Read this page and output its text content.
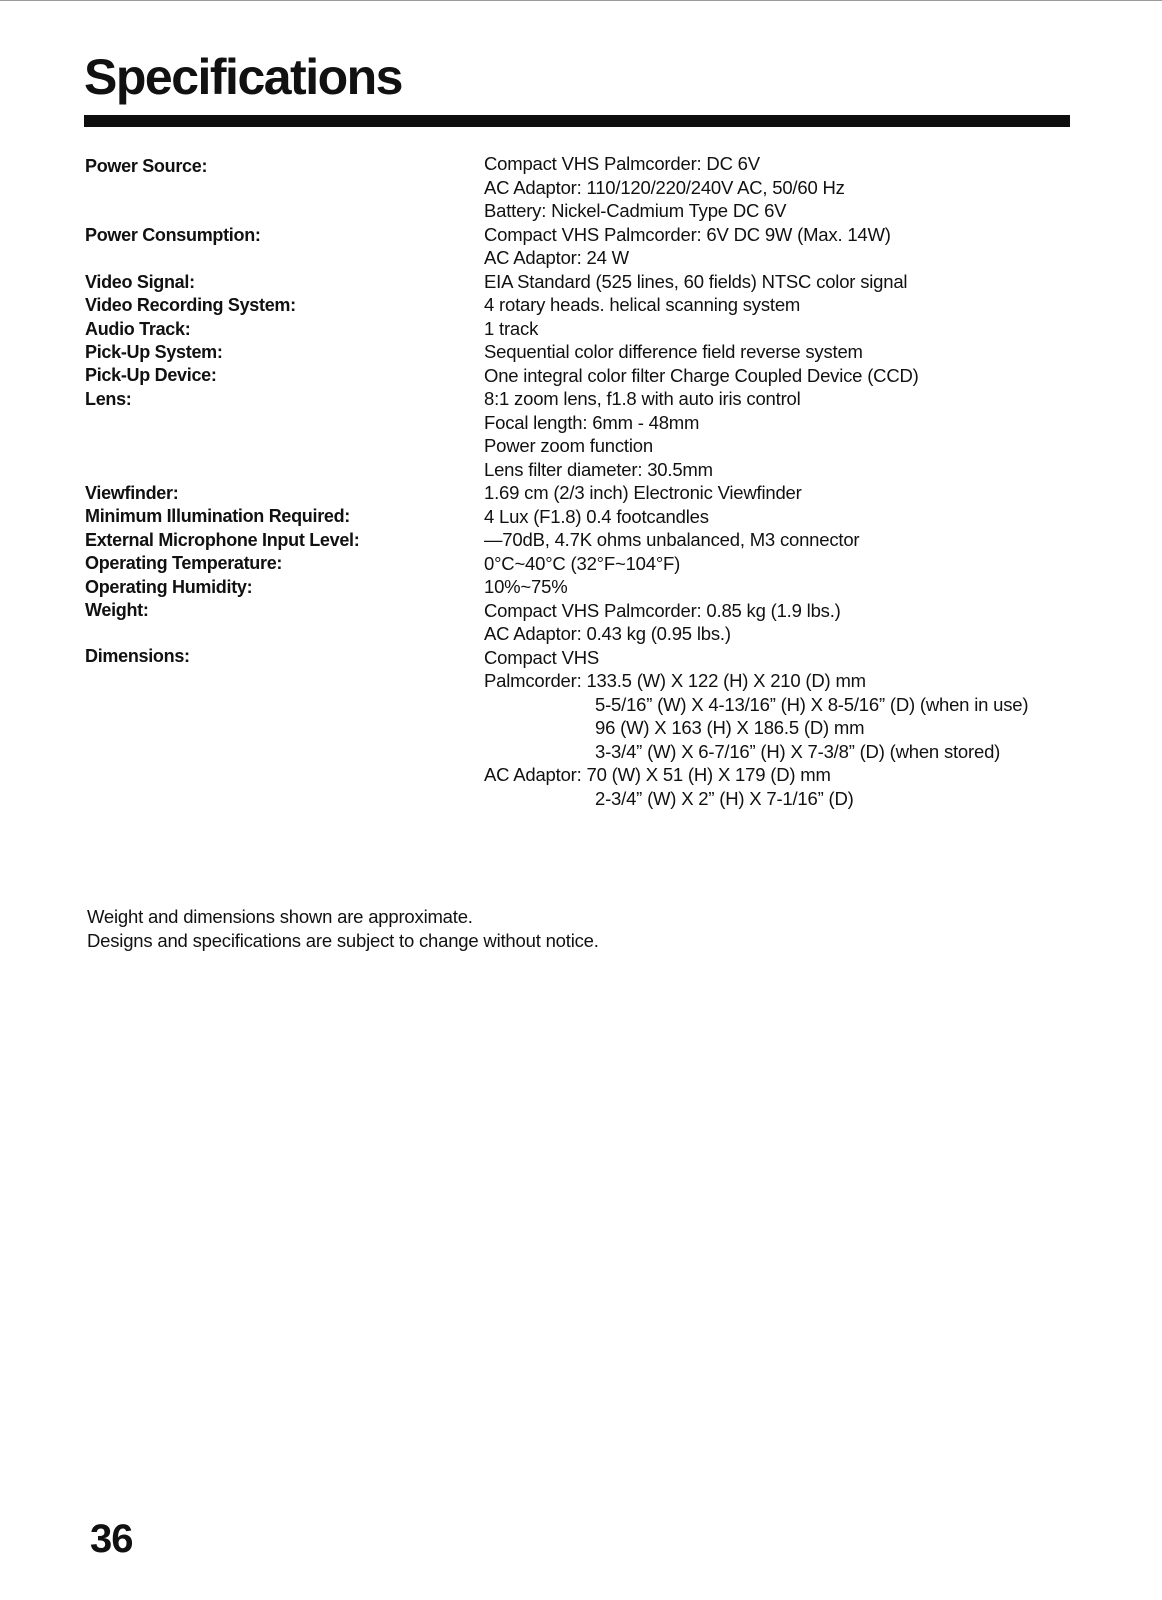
Specifications
Power Source:
Power Consumption:
Video Signal:
Video Recording System:
Audio Track:
Pick-Up System:
Pick-Up Device:
Lens:
Viewfinder:
Minimum Illumination Required:
External Microphone Input Level:
Operating Temperature:
Operating Humidity:
Weight:
Dimensions:
Compact VHS Palmcorder: DC 6V
AC Adaptor: 110/120/220/240V AC, 50/60 Hz
Battery: Nickel-Cadmium Type DC 6V
Compact VHS Palmcorder: 6V DC 9W (Max. 14W)
AC Adaptor: 24 W
EIA Standard (525 lines, 60 fields) NTSC color signal
4 rotary heads. helical scanning system
1 track
Sequential color difference field reverse system
One integral color filter Charge Coupled Device (CCD)
8:1 zoom lens, f1.8 with auto iris control
Focal length: 6mm - 48mm
Power zoom function
Lens filter diameter: 30.5mm
1.69 cm (2/3 inch) Electronic Viewfinder
4 Lux (F1.8) 0.4 footcandles
—70dB, 4.7K ohms unbalanced, M3 connector
0°C~40°C (32°F~104°F)
10%~75%
Compact VHS Palmcorder: 0.85 kg (1.9 lbs.)
AC Adaptor: 0.43 kg (0.95 lbs.)
Compact VHS
Palmcorder: 133.5 (W) X 122 (H) X 210 (D) mm
5-5/16” (W) X 4-13/16” (H) X 8-5/16” (D) (when in use)
96 (W) X 163 (H) X 186.5 (D) mm
3-3/4” (W) X 6-7/16” (H) X 7-3/8” (D) (when stored)
AC Adaptor: 70 (W) X 51 (H) X 179 (D) mm
2-3/4” (W) X 2” (H) X 7-1/16” (D)
Weight and dimensions shown are approximate.
Designs and specifications are subject to change without notice.
36
